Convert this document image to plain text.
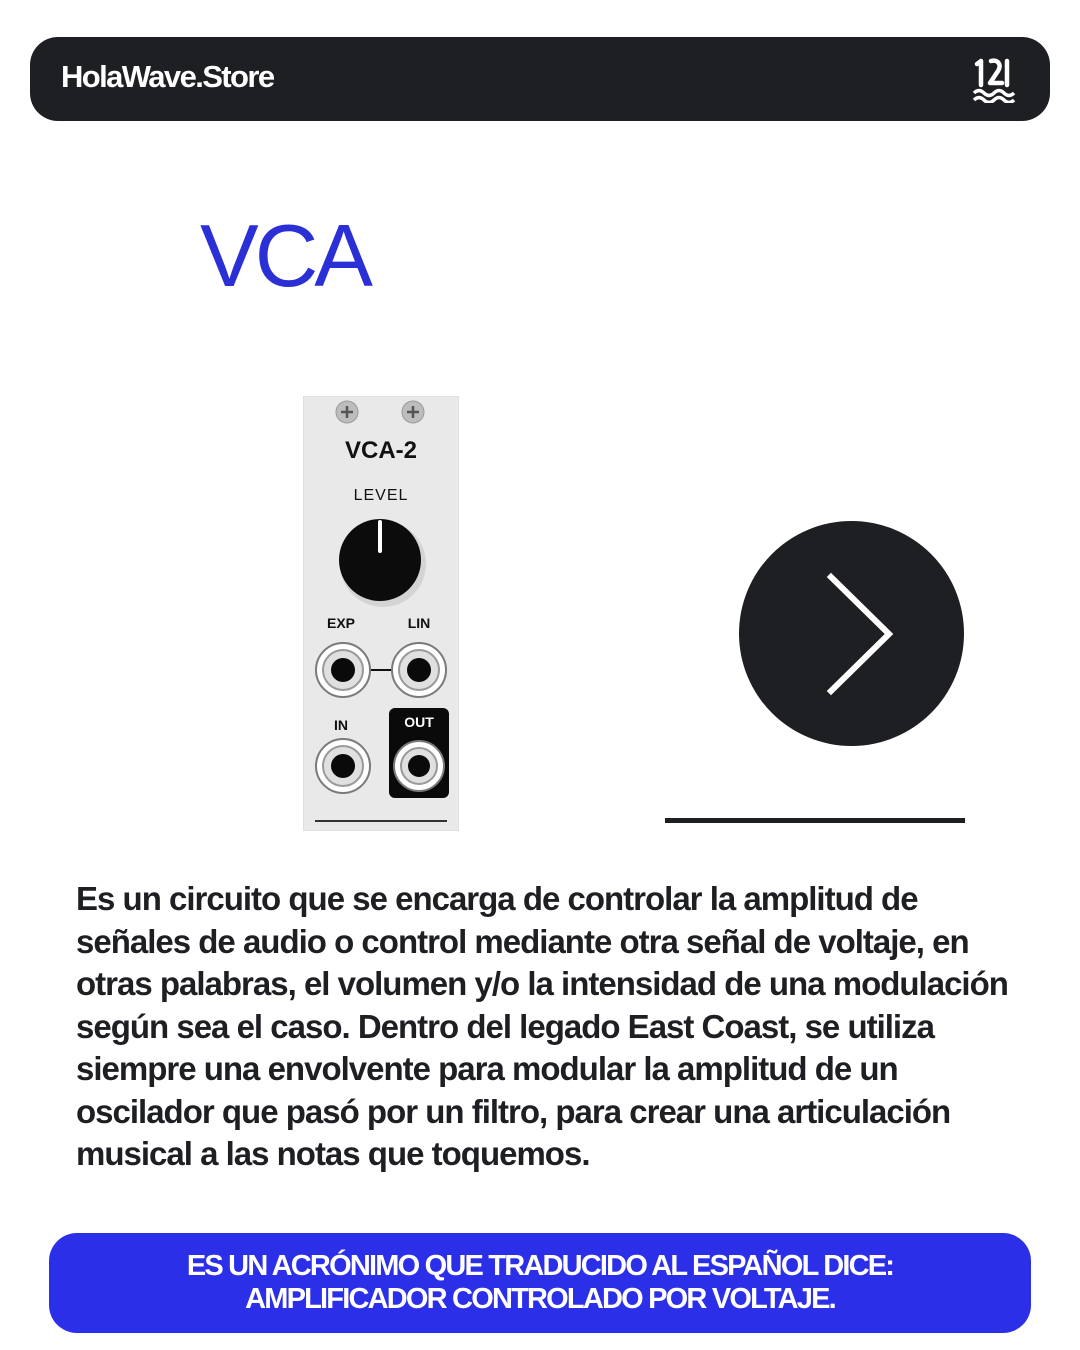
HolaWave.Store
VCA
VCA-2
LEVEL
EXP	LIN
IN	OUT

Es un circuito que se encarga de controlar la amplitud de señales de audio o control mediante otra señal de voltaje, en otras palabras, el volumen y/o la intensidad de una modulación según sea el caso. Dentro del legado East Coast, se utiliza siempre una envolvente para modular la amplitud de un oscilador que pasó por un filtro, para crear una articulación musical a las notas que toquemos.

ES UN ACRÓNIMO QUE TRADUCIDO AL ESPAÑOL DICE:
AMPLIFICADOR CONTROLADO POR VOLTAJE.
